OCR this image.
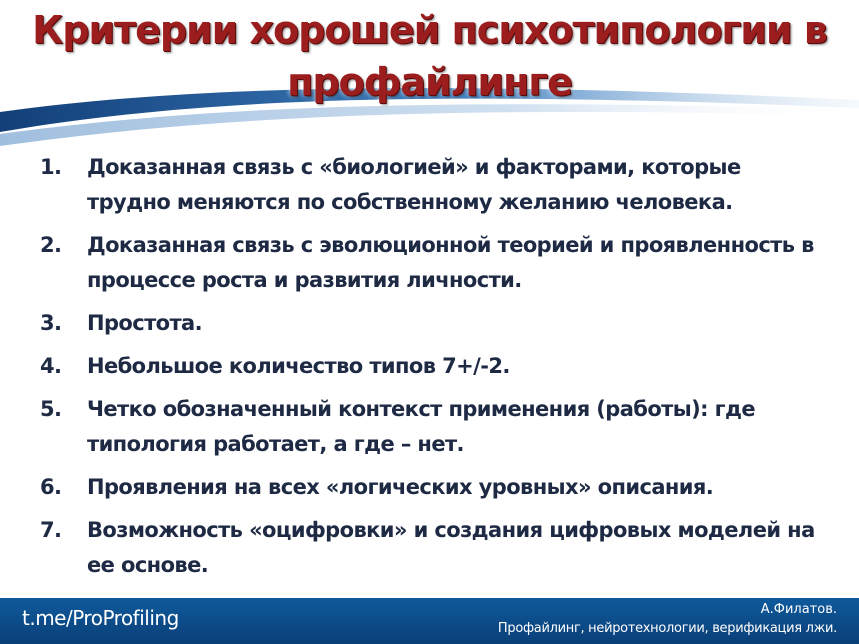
Критерии хорошей психотипологии в профайлинге
1.	Доказанная связь с «биологией» и факторами, которые трудно меняются по собственному желанию человека.
2.	Доказанная связь с эволюционной теорией и проявленность в процессе роста и развития личности.
3.	Простота.
4.	Небольшое количество типов 7+/-2.
5.	Четко обозначенный контекст применения (работы): где типология работает, а где – нет.
6.	Проявления на всех «логических уровных» описания.
7.	Возможность «оцифровки» и создания цифровых моделей на ее основе.
t.me/ProProfiling	А.Филатов.
Профайлинг, нейротехнологии, верификация лжи.
